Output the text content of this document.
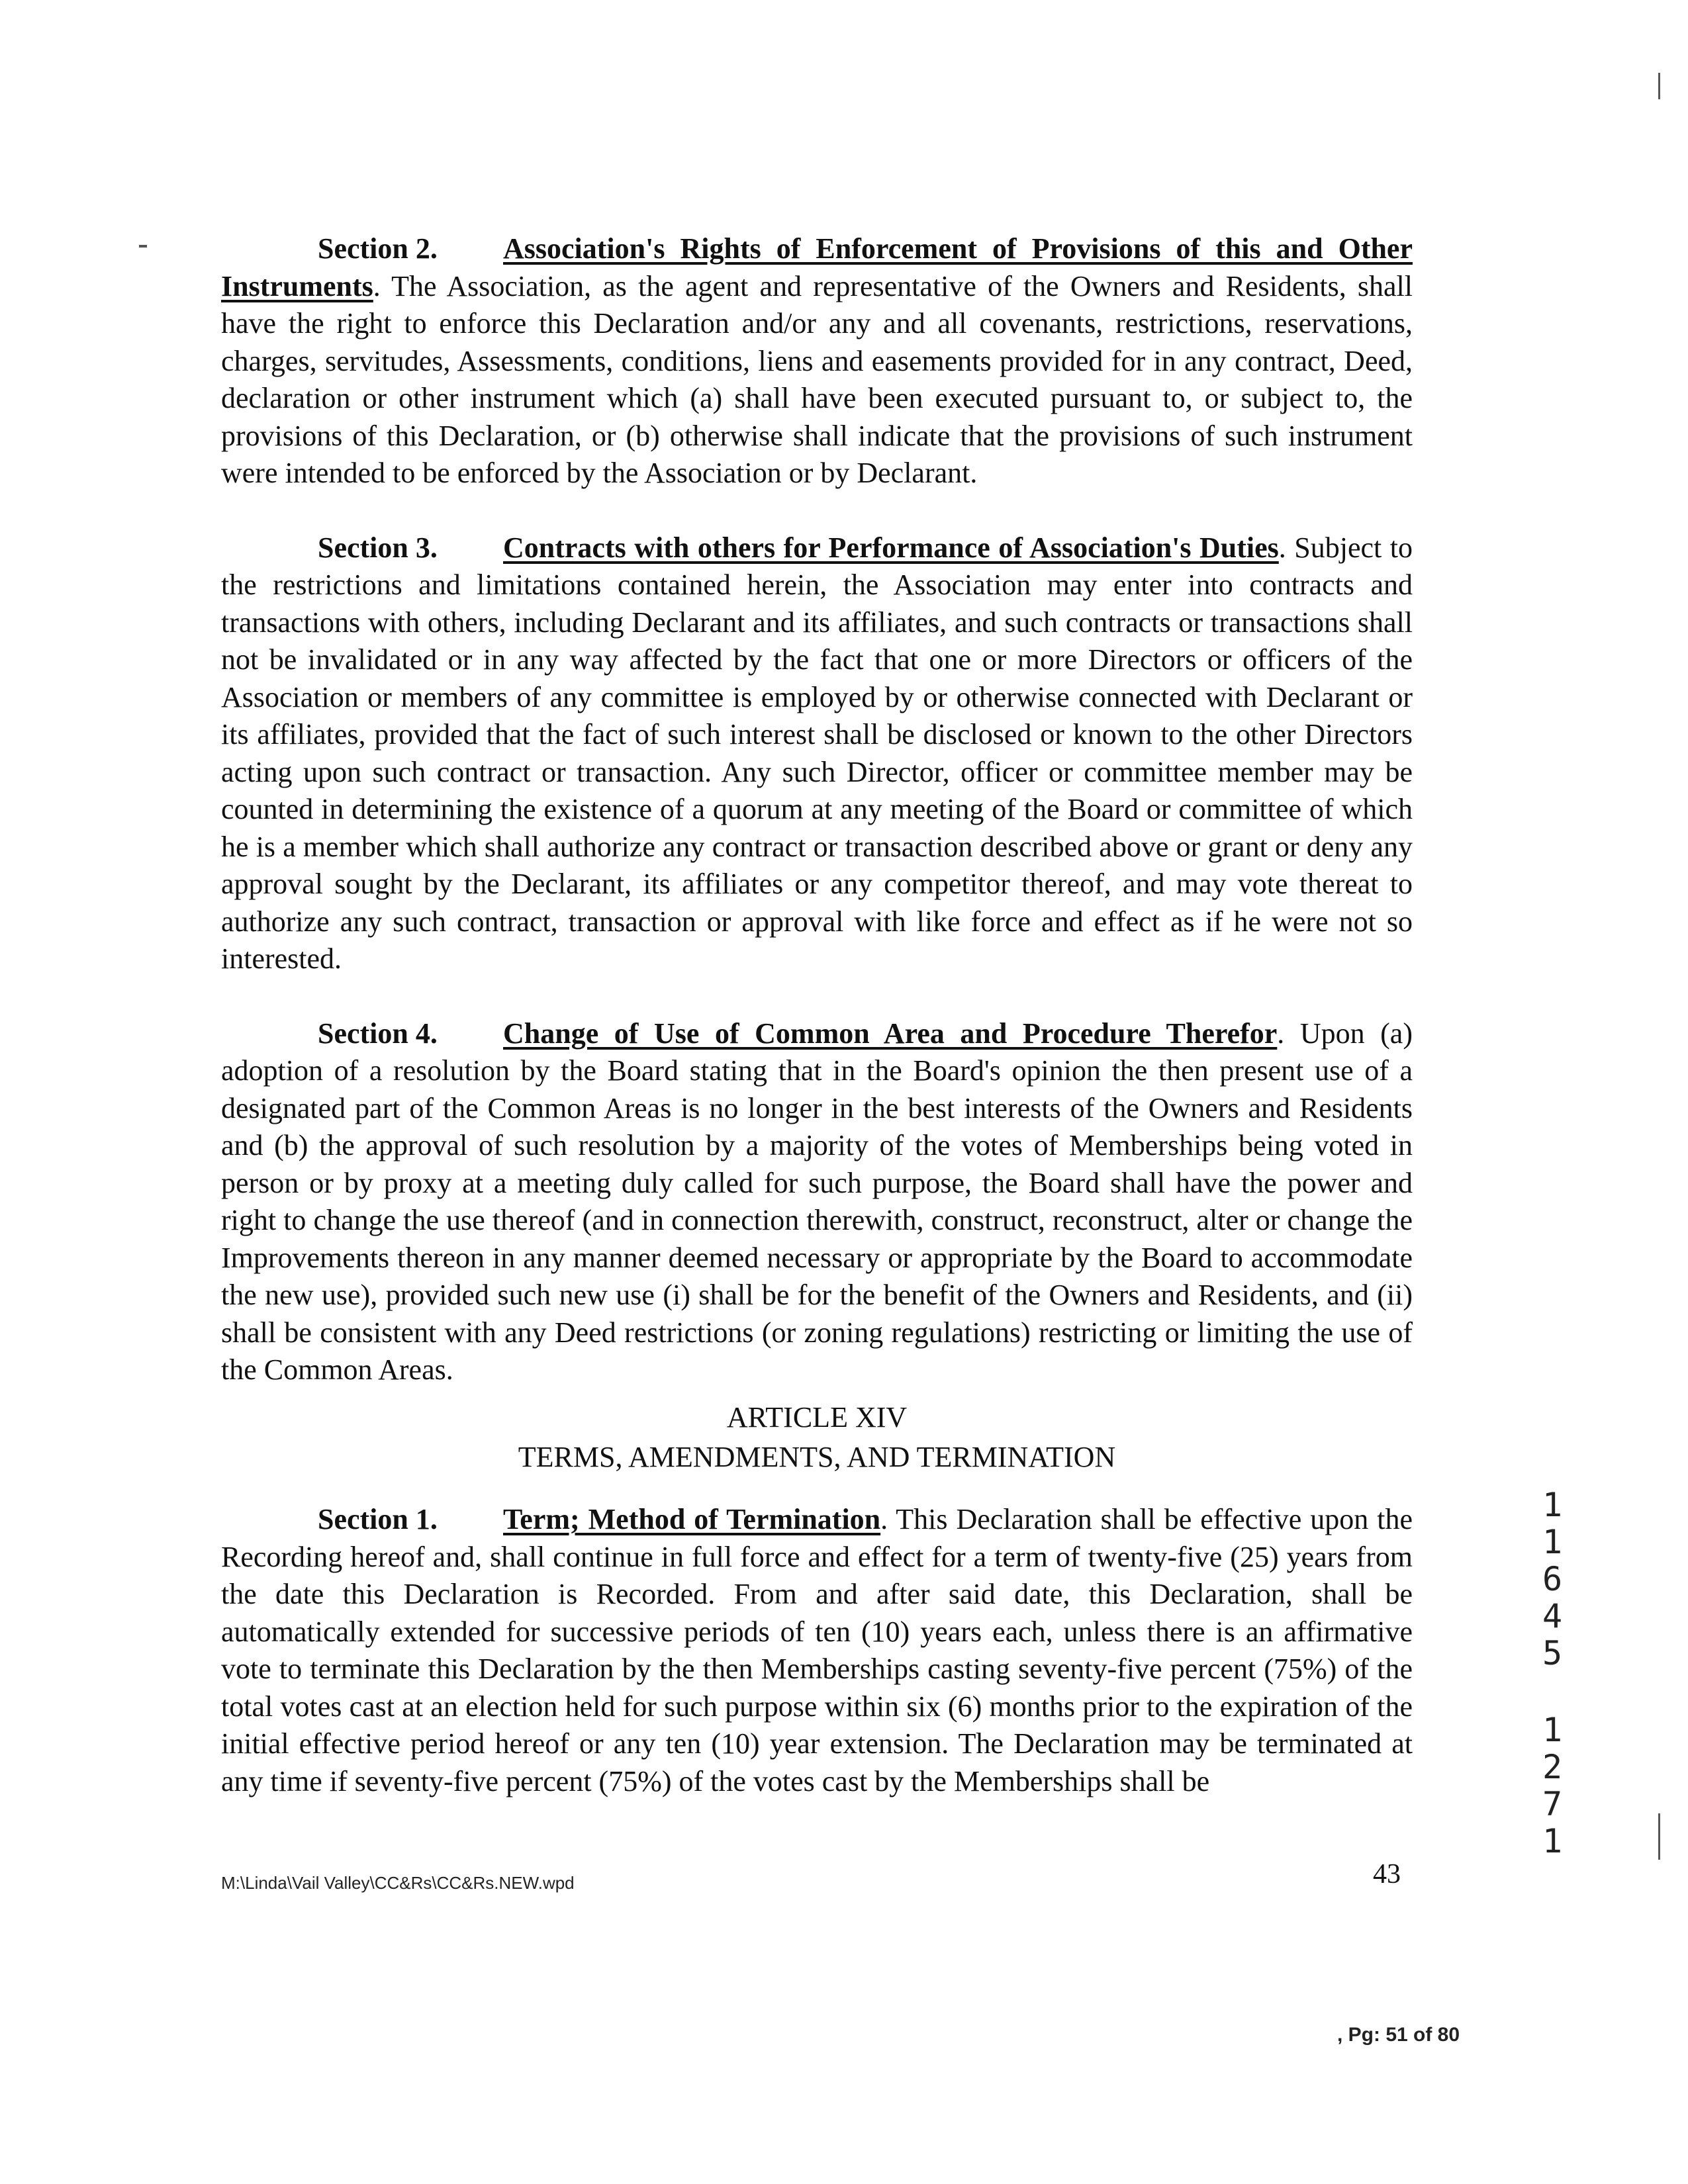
Section 2. Association's Rights of Enforcement of Provisions of this and Other Instruments. The Association, as the agent and representative of the Owners and Residents, shall have the right to enforce this Declaration and/or any and all covenants, restrictions, reservations, charges, servitudes, Assessments, conditions, liens and easements provided for in any contract, Deed, declaration or other instrument which (a) shall have been executed pursuant to, or subject to, the provisions of this Declaration, or (b) otherwise shall indicate that the provisions of such instrument were intended to be enforced by the Association or by Declarant.

Section 3. Contracts with others for Performance of Association's Duties. Subject to the restrictions and limitations contained herein, the Association may enter into contracts and transactions with others, including Declarant and its affiliates, and such contracts or transactions shall not be invalidated or in any way affected by the fact that one or more Directors or officers of the Association or members of any committee is employed by or otherwise connected with Declarant or its affiliates, provided that the fact of such interest shall be disclosed or known to the other Directors acting upon such contract or transaction. Any such Director, officer or committee member may be counted in determining the existence of a quorum at any meeting of the Board or committee of which he is a member which shall authorize any contract or transaction described above or grant or deny any approval sought by the Declarant, its affiliates or any competitor thereof, and may vote thereat to authorize any such contract, transaction or approval with like force and effect as if he were not so interested.

Section 4. Change of Use of Common Area and Procedure Therefor. Upon (a) adoption of a resolution by the Board stating that in the Board's opinion the then present use of a designated part of the Common Areas is no longer in the best interests of the Owners and Residents and (b) the approval of such resolution by a majority of the votes of Memberships being voted in person or by proxy at a meeting duly called for such purpose, the Board shall have the power and right to change the use thereof (and in connection therewith, construct, reconstruct, alter or change the Improvements thereon in any manner deemed necessary or appropriate by the Board to accommodate the new use), provided such new use (i) shall be for the benefit of the Owners and Residents, and (ii) shall be consistent with any Deed restrictions (or zoning regulations) restricting or limiting the use of the Common Areas.

ARTICLE XIV
TERMS, AMENDMENTS, AND TERMINATION

Section 1. Term; Method of Termination. This Declaration shall be effective upon the Recording hereof and, shall continue in full force and effect for a term of twenty-five (25) years from the date this Declaration is Recorded. From and after said date, this Declaration, shall be automatically extended for successive periods of ten (10) years each, unless there is an affirmative vote to terminate this Declaration by the then Memberships casting seventy-five percent (75%) of the total votes cast at an election held for such purpose within six (6) months prior to the expiration of the initial effective period hereof or any ten (10) year extension. The Declaration may be terminated at any time if seventy-five percent (75%) of the votes cast by the Memberships shall be

1
1
6
4
5
1
2
7
1
M:\Linda\Vail Valley\CC&Rs\CC&Rs.NEW.wpd	43
, Pg: 51 of 80
